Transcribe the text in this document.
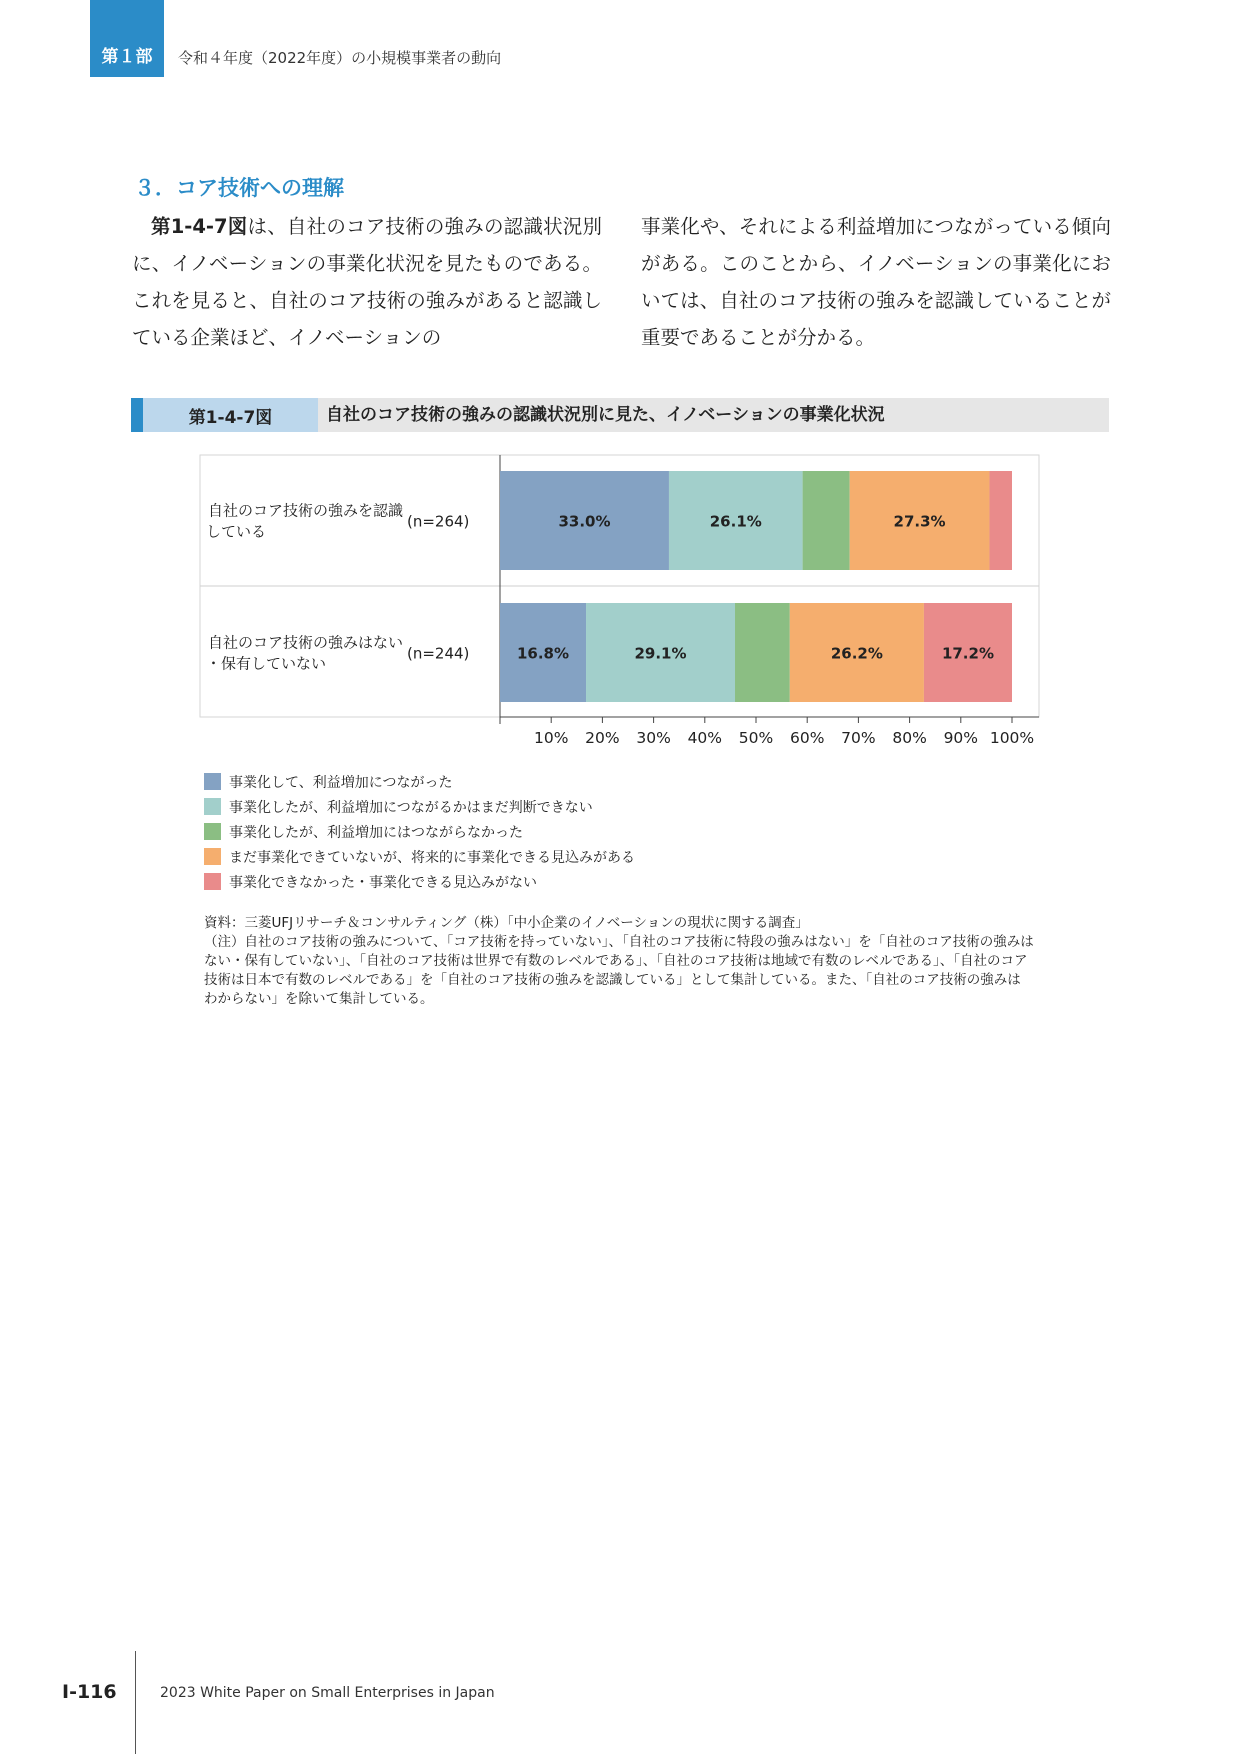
第１部 令和４年度（2022年度）の小規模事業者の動向
３．コア技術への理解

第1-4-7図は、自社のコア技術の強みの認識状況別に、イノベーションの事業化状況を見たものである。これを見ると、自社のコア技術の強みがあると認識している企業ほど、イノベーションの

事業化や、それによる利益増加につながっている傾向がある。このことから、イノベーションの事業化においては、自社のコア技術の強みを認識していることが重要であることが分かる。

第1-4-7図	自社のコア技術の強みの認識状況別に見た、イノベーションの事業化状況
自社のコア技術の強みを認識
している
(n=264)	33.0%	26.1%	27.3%
自社のコア技術の強みはない
・保有していない
(n=244)	16.8%	29.1%	26.2%	17.2%
10% 20% 30% 40% 50% 60% 70% 80% 90% 100%
事業化して、利益増加につながった
事業化したが、利益増加につながるかはまだ判断できない
事業化したが、利益増加にはつながらなかった
まだ事業化できていないが、将来的に事業化できる見込みがある
事業化できなかった・事業化できる見込みがない

資料：三菱UFJリサーチ＆コンサルティング（株）「中小企業のイノベーションの現状に関する調査」

（注）自社のコア技術の強みについて、「コア技術を持っていない」、「自社のコア技術に特段の強みはない」を「自社のコア技術の強みはない・保有していない」、「自社のコア技術は世界で有数のレベルである」、「自社のコア技術は地域で有数のレベルである」、「自社のコア技術は日本で有数のレベルである」を「自社のコア技術の強みを認識している」として集計している。また、「自社のコア技術の強みはわからない」を除いて集計している。

Ⅰ-116	2023 White Paper on Small Enterprises in Japan
